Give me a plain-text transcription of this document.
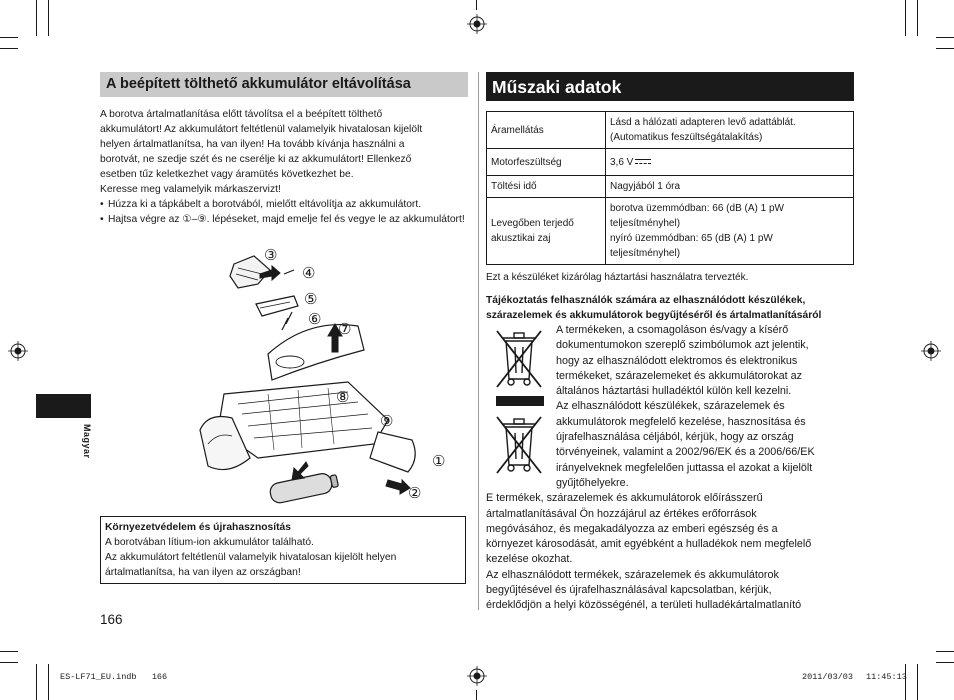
Magyar
A beépített tölthető akkumulátor eltávolítása

A borotva ártalmatlanítása előtt távolítsa el a beépített tölthető

akkumulátort! Az akkumulátort feltétlenül valamelyik hivatalosan kijelölt

helyen ártalmatlanítsa, ha van ilyen! Ha tovább kívánja használni a

borotvát, ne szedje szét és ne cserélje ki az akkumulátort! Ellenkező

esetben tűz keletkezhet vagy áramütés következhet be.

Keresse meg valamelyik márkaszervizt!

• Húzza ki a tápkábelt a borotvából, mielőtt eltávolítja az akkumulátort.
• Hajtsa végre az ①–⑨. lépéseket, majd emelje fel és vegye le az akkumulátort!
③
④
⑤
⑥
⑦
⑧
⑨
①
②
Környezetvédelem és újrahasznosítás
A borotvában lítium-ion akkumulátor található.
Az akkumulátort feltétlenül valamelyik hivatalosan kijelölt helyen
ártalmatlanítsa, ha van ilyen az országban!
166
Műszaki adatok
Áramellátás	Lásd a hálózati adapteren levő adattáblát.
(Automatikus feszültségátalakítás)

Motorfeszültség	3,6 V
Töltési idő	Nagyjából 1 óra
Levegőben terjedő akusztikai zaj	borotva üzemmódban: 66 (dB (A) 1 pW
teljesítményhel)
nyíró üzemmódban: 65 (dB (A) 1 pW
teljesítményhel)
Ezt a készüléket kizárólag háztartási használatra tervezték.
Tájékoztatás felhasználók számára az elhasználódott készülékek, szárazelemek és akkumulátorok begyűjtéséről és ártalmatlanításáról
A termékeken, a csomagoláson és/vagy a kísérő
dokumentumokon szereplő szimbólumok azt jelentik,
hogy az elhasználódott elektromos és elektronikus
termékeket, szárazelemeket és akkumulátorokat az
általános háztartási hulladéktól külön kell kezelni.
Az elhasználódott készülékek, szárazelemek és
akkumulátorok megfelelő kezelése, hasznosítása és
újrafelhasználása céljából, kérjük, hogy az ország
törvényeinek, valamint a 2002/96/EK és a 2006/66/EK
irányelveknek megfelelően juttassa el azokat a kijelölt
gyűjtőhelyekre.
E termékek, szárazelemek és akkumulátorok előírásszerű
ártalmatlanításával Ön hozzájárul az értékes erőforrások
megóvásához, és megakadályozza az emberi egészség és a
környezet károsodását, amit egyébként a hulladékok nem megfelelő
kezelése okozhat.
Az elhasználódott termékek, szárazelemek és akkumulátorok
begyűjtésével és újrafelhasználásával kapcsolatban, kérjük,
érdeklődjön a helyi közösségénél, a területi hulladékártalmatlanító
ES-LF71_EU.indb   166	2011/03/03 11:45:13
